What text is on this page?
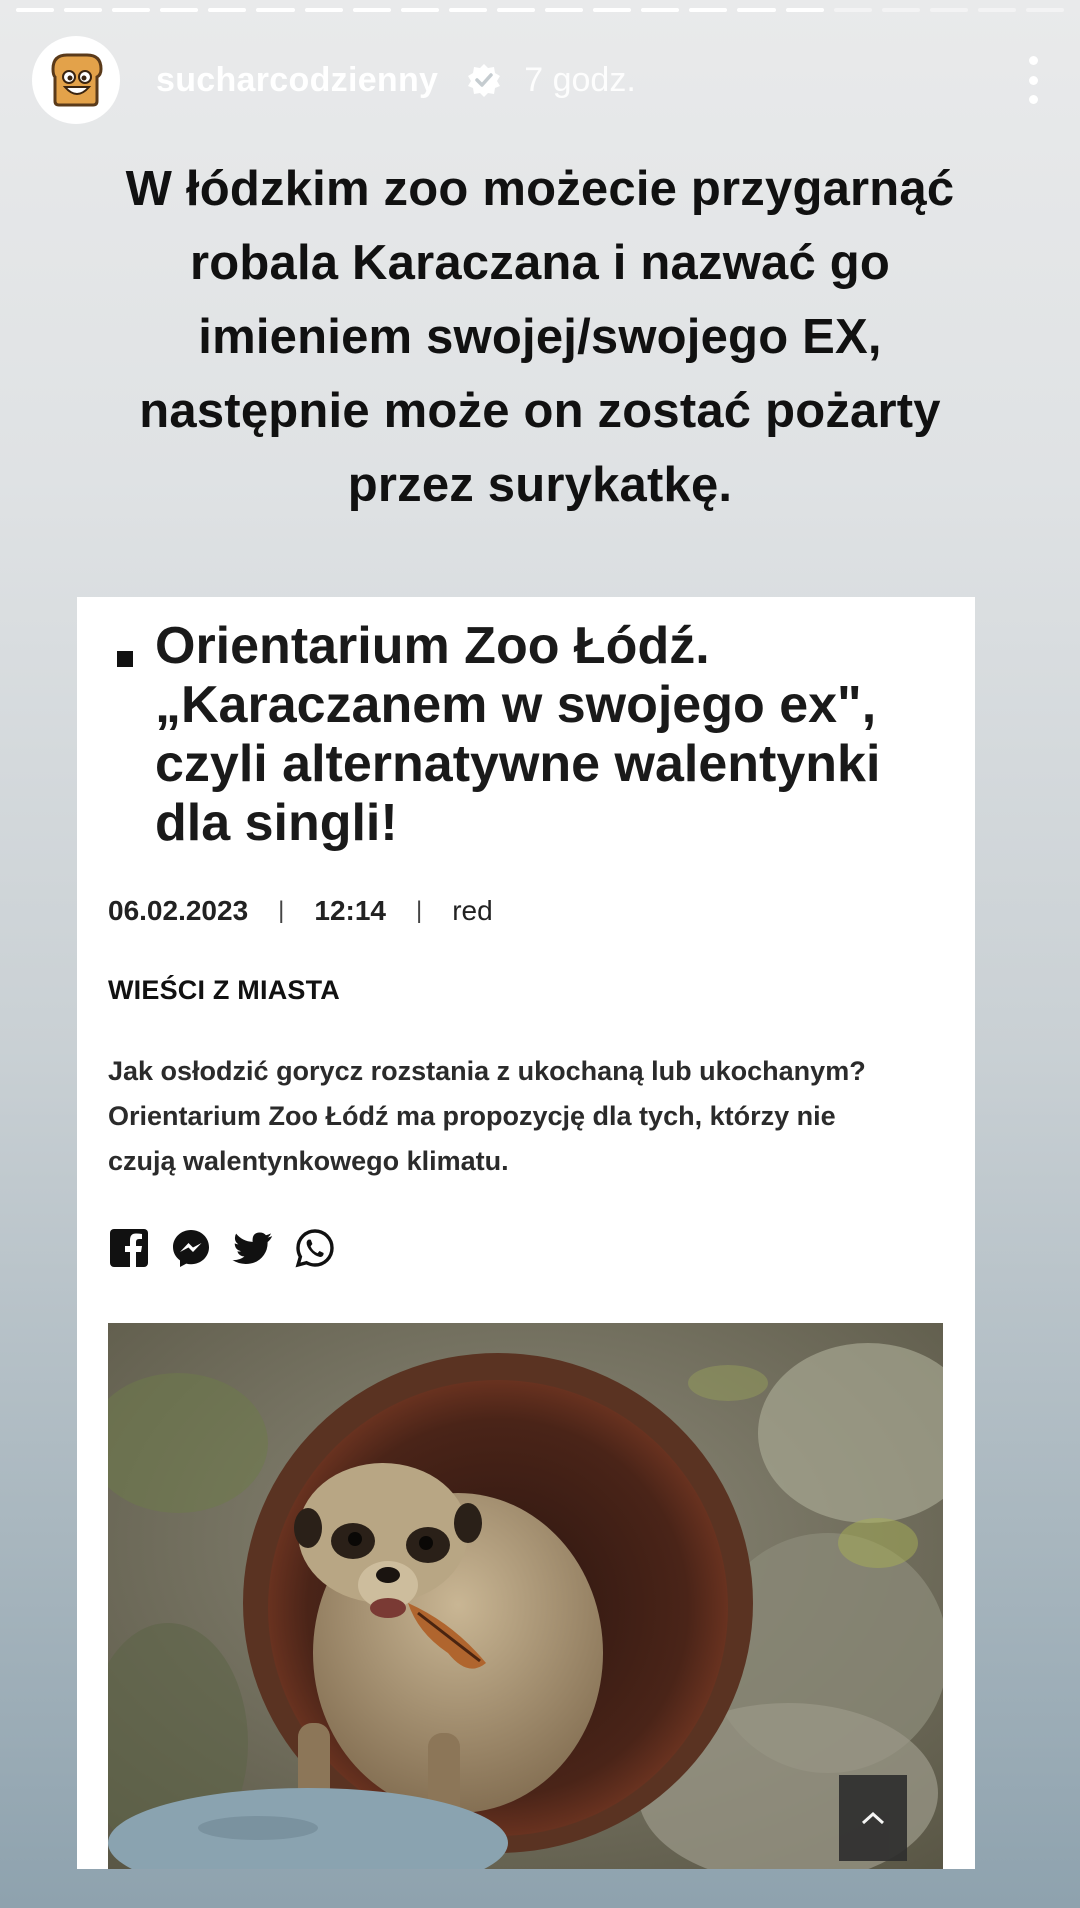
sucharcodzienny	7 godz.
W łódzkim zoo możecie przygarnąć
robala Karaczana i nazwać go
imieniem swojej/swojego EX,
następnie może on zostać pożarty
przez surykatkę.
Orientarium Zoo Łódź.
„Karaczanem w swojego ex",
czyli alternatywne walentynki
dla singli!
06.02.2023 | 12:14 | red
WIEŚCI Z MIASTA
Jak osłodzić gorycz rozstania z ukochaną lub ukochanym?
Orientarium Zoo Łódź ma propozycję dla tych, którzy nie
czują walentynkowego klimatu.
